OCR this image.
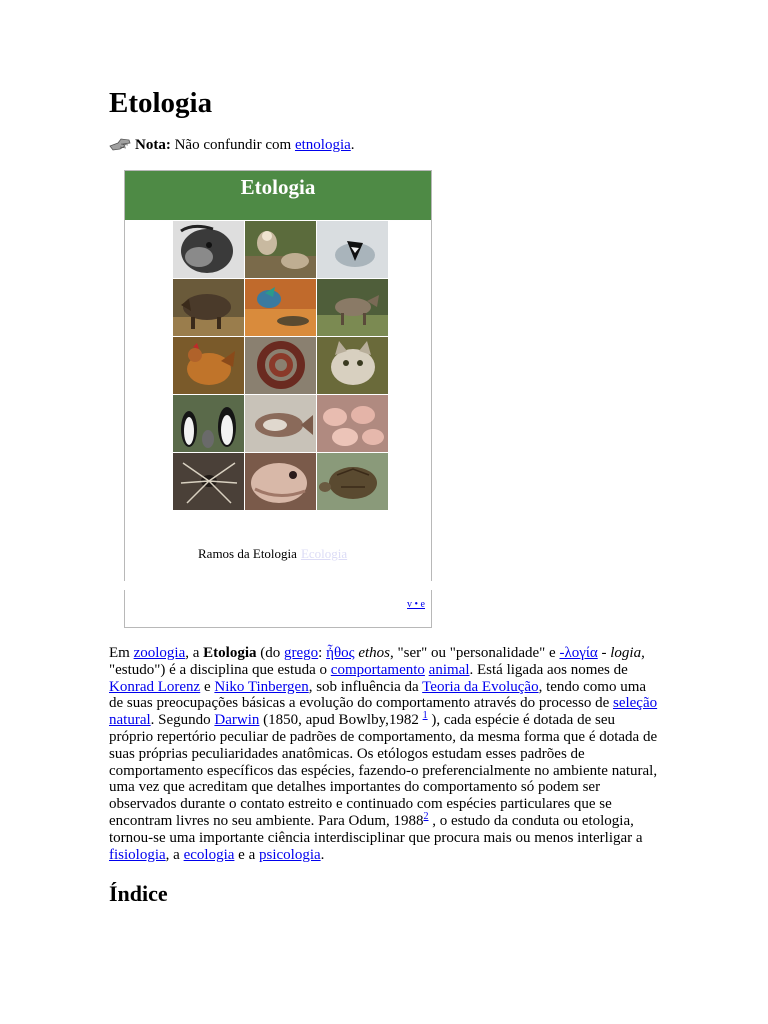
Etologia
Nota: Não confundir com etnologia .
Etologia
Ramos da Etologia Ecologia
v • e
Em zoologia, a Etologia (do grego: ἦθος ethos, "ser" ou "personalidade" e -λογία - logia, "estudo") é a disciplina que estuda o comportamento animal. Está ligada aos nomes de Konrad Lorenz e Niko Tinbergen, sob influência da Teoria da Evolução, tendo como uma de suas preocupações básicas a evolução do comportamento através do processo de seleção natural. Segundo Darwin (1850, apud Bowlby,1982 $^1$ ), cada espécie é dotada de seu próprio repertório peculiar de padrões de comportamento, da mesma forma que é dotada de suas próprias peculiaridades anatômicas. Os etólogos estudam esses padrões de comportamento específicos das espécies, fazendo-o preferencialmente no ambiente natural, uma vez que acreditam que detalhes importantes do comportamento só podem ser observados durante o contato estreito e continuado com espécies particulares que se encontram livres no seu ambiente. Para Odum, 1988$^2$ , o estudo da conduta ou etologia, tornou-se uma importante ciência interdisciplinar que procura mais ou menos interligar a fisiologia, a ecologia e a psicologia.
Índice
